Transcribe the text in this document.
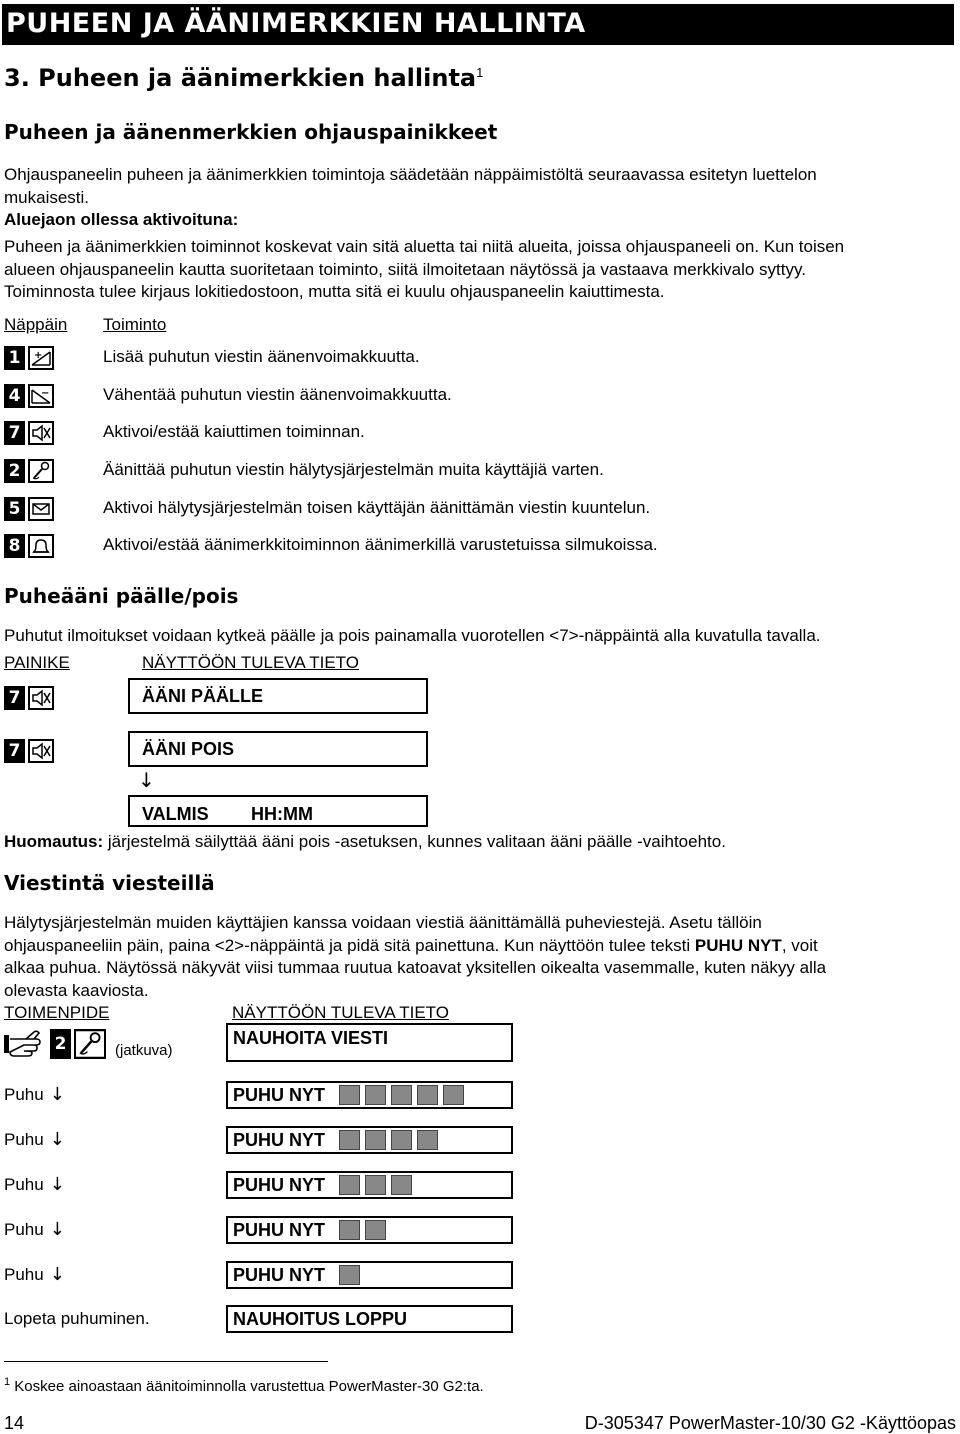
PUHEEN JA ÄÄNIMERKKIEN HALLINTA
3. Puheen ja äänimerkkien hallinta$^1$
Puheen ja äänenmerkkien ohjauspainikkeet
Ohjauspaneelin puheen ja äänimerkkien toimintoja säädetään näppäimistöltä seuraavassa esitetyn luettelon
mukaisesti.
Aluejaon ollessa aktivoituna:
Puheen ja äänimerkkien toiminnot koskevat vain sitä aluetta tai niitä alueita, joissa ohjauspaneeli on. Kun toisen
alueen ohjauspaneelin kautta suoritetaan toiminto, siitä ilmoitetaan näytössä ja vastaava merkkivalo syttyy.
Toiminnosta tulee kirjaus lokitiedostoon, mutta sitä ei kuulu ohjauspaneelin kaiuttimesta.
Näppäin Toiminto
1	+	Lisää puhutun viestin äänenvoimakkuutta.
4	−	Vähentää puhutun viestin äänenvoimakkuutta.
7	Aktivoi/estää kaiuttimen toiminnan.
2	Äänittää puhutun viestin hälytysjärjestelmän muita käyttäjiä varten.
5	Aktivoi hälytysjärjestelmän toisen käyttäjän äänittämän viestin kuuntelun.
8	Aktivoi/estää äänimerkkitoiminnon äänimerkillä varustetuissa silmukoissa.
Puheääni päälle/pois
Puhutut ilmoitukset voidaan kytkeä päälle ja pois painamalla vuorotellen <7>-näppäintä alla kuvatulla tavalla.
PAINIKE	NÄYTTÖÖN TULEVA TIETO
7	ÄÄNI PÄÄLLE
7	ÄÄNI POIS
↓
VALMIS HH:MM
Huomautus: järjestelmä säilyttää ääni pois -asetuksen, kunnes valitaan ääni päälle -vaihtoehto.
Viestintä viesteillä
Hälytysjärjestelmän muiden käyttäjien kanssa voidaan viestiä äänittämällä puheviestejä. Asetu tällöin
ohjauspaneeliin päin, paina <2>-näppäintä ja pidä sitä painettuna. Kun näyttöön tulee teksti PUHU NYT, voit
alkaa puhua. Näytössä näkyvät viisi tummaa ruutua katoavat yksitellen oikealta vasemmalle, kuten näkyy alla
olevasta kaaviosta.
TOIMENPIDE	NÄYTTÖÖN TULEVA TIETO
2	(jatkuva)
NAUHOITA VIESTI
Puhu ↓	PUHU NYT
Puhu ↓	PUHU NYT
Puhu ↓	PUHU NYT
Puhu ↓	PUHU NYT
Puhu ↓	PUHU NYT
Lopeta puhuminen.	NAUHOITUS LOPPU
$^1$ Koskee ainoastaan äänitoiminnolla varustettua PowerMaster-30 G2:ta.
14	D-305347 PowerMaster-10/30 G2 -Käyttöopas
